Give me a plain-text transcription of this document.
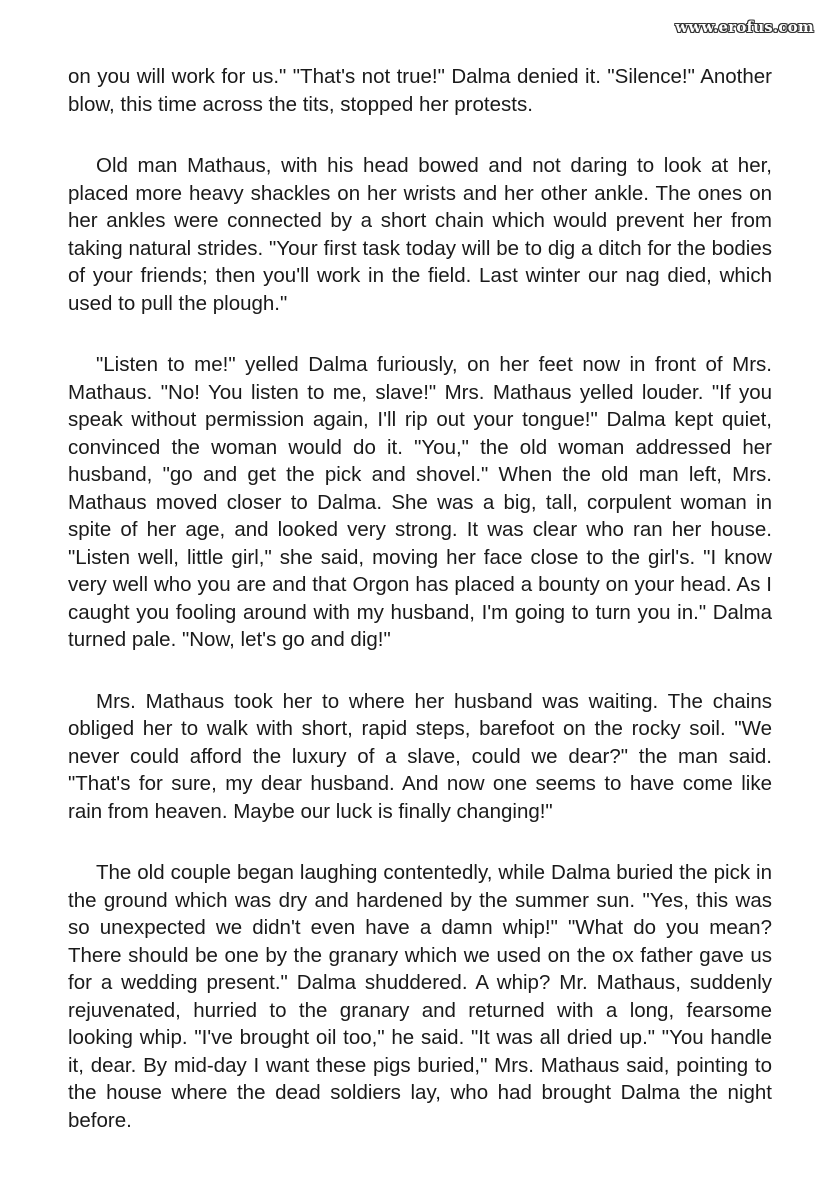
www.erofus.com

on you will work for us." "That's not true!" Dalma denied it. "Silence!" Another blow, this time across the tits, stopped her protests.

Old man Mathaus, with his head bowed and not daring to look at her, placed more heavy shackles on her wrists and her other ankle. The ones on her ankles were connected by a short chain which would prevent her from taking natural strides. "Your first task today will be to dig a ditch for the bodies of your friends; then you'll work in the field. Last winter our nag died, which used to pull the plough."

"Listen to me!" yelled Dalma furiously, on her feet now in front of Mrs. Mathaus. "No! You listen to me, slave!" Mrs. Mathaus yelled louder. "If you speak without permission again, I'll rip out your tongue!" Dalma kept quiet, convinced the woman would do it. "You," the old woman addressed her husband, "go and get the pick and shovel." When the old man left, Mrs. Mathaus moved closer to Dalma. She was a big, tall, corpulent woman in spite of her age, and looked very strong. It was clear who ran her house. "Listen well, little girl," she said, moving her face close to the girl's. "I know very well who you are and that Orgon has placed a bounty on your head. As I caught you fooling around with my husband, I'm going to turn you in." Dalma turned pale. "Now, let's go and dig!"

Mrs. Mathaus took her to where her husband was waiting. The chains obliged her to walk with short, rapid steps, barefoot on the rocky soil. "We never could afford the luxury of a slave, could we dear?" the man said. "That's for sure, my dear husband. And now one seems to have come like rain from heaven. Maybe our luck is finally changing!"

The old couple began laughing contentedly, while Dalma buried the pick in the ground which was dry and hardened by the summer sun. "Yes, this was so unexpected we didn't even have a damn whip!" "What do you mean? There should be one by the granary which we used on the ox father gave us for a wedding present." Dalma shuddered. A whip? Mr. Mathaus, suddenly rejuvenated, hurried to the granary and returned with a long, fearsome looking whip. "I've brought oil too," he said. "It was all dried up." "You handle it, dear. By mid-day I want these pigs buried," Mrs. Mathaus said, pointing to the house where the dead soldiers lay, who had brought Dalma the night before.
